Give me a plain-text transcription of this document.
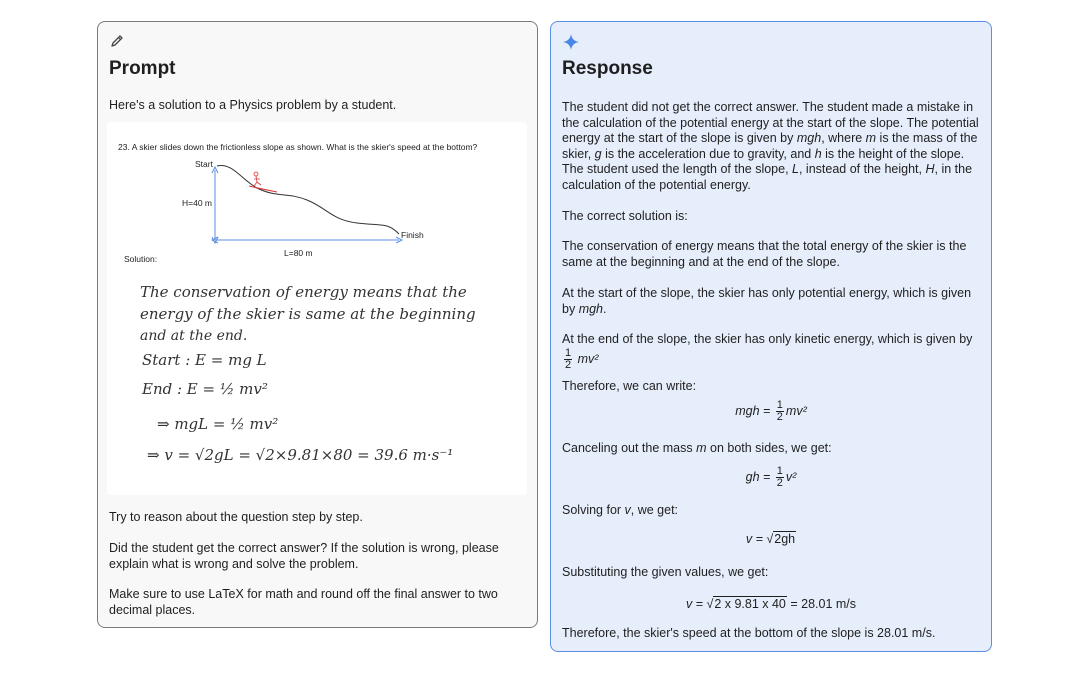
Prompt

Here's a solution to a Physics problem by a student.

23. A skier slides down the frictionless slope as shown. What is the skier's speed at the bottom?
Start
H=40 m
Finish
L=80 m
Solution:
The conservation of energy means that the
energy of the skier is same at the beginning
and at the end.
Start : E = mg L
End : E = ½ mv²
⇒ mgL = ½ mv²
⇒ v = √2gL = √2×9.81×80 = 39.6 m·s⁻¹

Try to reason about the question step by step.

Did the student get the correct answer? If the solution is wrong, please explain what is wrong and solve the problem.

Make sure to use LaTeX for math and round off the final answer to two decimal places.

Response

The student did not get the correct answer. The student made a mistake in the calculation of the potential energy at the start of the slope. The potential energy at the start of the slope is given by mgh, where m is the mass of the skier, g is the acceleration due to gravity, and h is the height of the slope. The student used the length of the slope, L, instead of the height, H, in the calculation of the potential energy.

The correct solution is:

The conservation of energy means that the total energy of the skier is the same at the beginning and at the end of the slope.

At the start of the slope, the skier has only potential energy, which is given by mgh.

At the end of the slope, the skier has only kinetic energy, which is given by
$\frac{1}{2} mv^2$

Therefore, we can write:

mgh = $\frac{1}{2} mv^2$

Canceling out the mass m on both sides, we get:

gh = $\frac{1}{2} v^2$

Solving for v, we get:

v = √2gh

Substituting the given values, we get:

v = √2 x 9.81 x 40 = 28.01 m/s

Therefore, the skier's speed at the bottom of the slope is 28.01 m/s.
